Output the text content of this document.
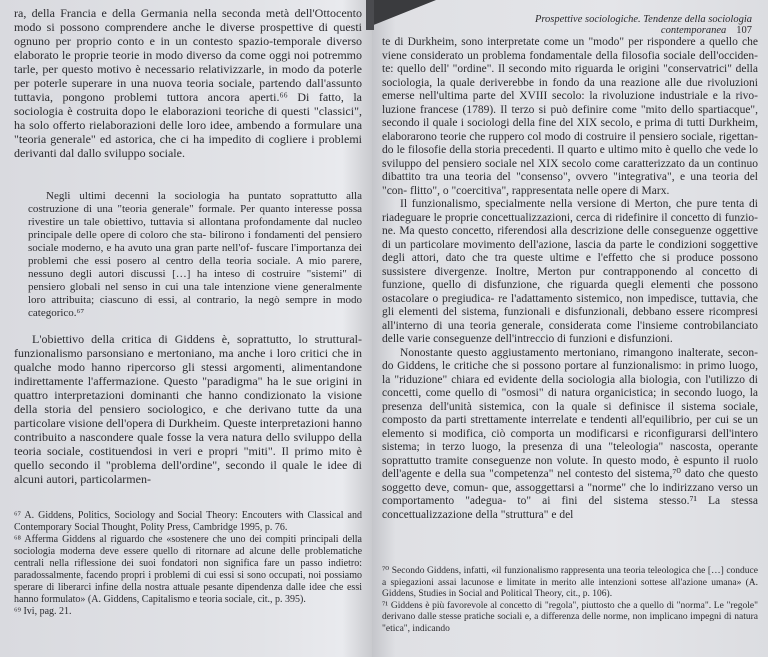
ra, della Francia e della Germania nella seconda metà dell'Ottocento modo si possono comprendere anche le diverse prospettive di questi ognuno per proprio conto e in un contesto spazio-temporale diverso elaborato le proprie teorie in modo diverso da come oggi noi potremmo tarle, per questo motivo è necessario relativizzarle, in modo da poterle per poterle superare in una nuova teoria sociale, partendo dall'assunto tuttavia, pongono problemi tuttora ancora aperti.⁶⁶ Di fatto, la sociologia è costruita dopo le elaborazioni teoriche di questi "classici", ha solo offerto rielaborazioni delle loro idee, ambendo a formulare una "teoria generale" ed astorica, che ci ha impedito di cogliere i problemi derivanti dal dallo sviluppo sociale.
Negli ultimi decenni la sociologia ha puntato soprattutto alla costruzione di una "teoria generale" formale. Per quanto interesse possa rivestire un tale obiettivo, tuttavia si allontana profondamente dal nucleo principale delle opere di coloro che sta- bilirono i fondamenti del pensiero sociale moderno, e ha avuto una gran parte nell'of- fuscare l'importanza dei problemi che essi posero al centro della teoria sociale. A mio parere, nessuno degli autori discussi […] ha inteso di costruire "sistemi" di pensiero globali nel senso in cui una tale intenzione viene generalmente loro attribuita; ciascuno di essi, al contrario, la negò sempre in modo categorico.⁶⁷
L'obiettivo della critica di Giddens è, soprattutto, lo struttural-funzionalismo parsonsiano e mertoniano, ma anche i loro critici che in qualche modo hanno ripercorso gli stessi argomenti, alimentandone indirettamente l'affermazione. Questo "paradigma" ha le sue origini in quattro interpretazioni dominanti che hanno condizionato la visione della storia del pensiero sociologico, e che derivano tutte da una particolare visione dell'opera di Durkheim. Queste interpretazioni hanno contribuito a nascondere quale fosse la vera natura dello sviluppo della teoria sociale, costituendosi in veri e propri "miti". Il primo mito è quello secondo il "problema dell'ordine", secondo il quale le idee di alcuni autori, particolarmen-
⁶⁷ A. Giddens, Politics, Sociology and Social Theory: Encouters with Classical and Contemporary Social Thought, Polity Press, Cambridge 1995, p. 76.
⁶⁸ Afferma Giddens al riguardo che «sostenere che uno dei compiti principali della sociologia moderna deve essere quello di ritornare ad alcune delle problematiche centrali nella riflessione dei suoi fondatori non significa fare un passo indietro: paradossalmente, facendo propri i problemi di cui essi si sono occupati, noi possiamo sperare di liberarci infine della nostra attuale pesante dipendenza dalle idee che essi hanno formulato» (A. Giddens, Capitalismo e teoria sociale, cit., p. 395).
⁶⁹ Ivi, pag. 21.
Prospettive sociologiche. Tendenze della sociologia contemporanea 107
te di Durkheim, sono interpretate come un "modo" per rispondere a quello che viene considerato un problema fondamentale della filosofia sociale dell'occiden- te: quello dell' "ordine". Il secondo mito riguarda le origini "conservatrici" della sociologia, la quale deriverebbe in fondo da una reazione alle due rivoluzioni emerse nell'ultima parte del XVIII secolo: la rivoluzione industriale e la rivo- luzione francese (1789). Il terzo si può definire come "mito dello spartiacque", secondo il quale i sociologi della fine del XIX secolo, e prima di tutti Durkheim, elaborarono teorie che ruppero col modo di costruire il pensiero sociale, rigettan- do le filosofie della storia precedenti. Il quarto e ultimo mito è quello che vede lo sviluppo del pensiero sociale nel XIX secolo come caratterizzato da un continuo dibattito tra una teoria del "consenso", ovvero "integrativa", e una teoria del "con- flitto", o "coercitiva", rappresentata nelle opere di Marx.
Il funzionalismo, specialmente nella versione di Merton, che pure tenta di riadeguare le proprie concettualizzazioni, cerca di ridefinire il concetto di funzio- ne. Ma questo concetto, riferendosi alla descrizione delle conseguenze oggettive di un particolare movimento dell'azione, lascia da parte le condizioni soggettive degli attori, dato che tra queste ultime e l'effetto che si produce possono sussistere divergenze. Inoltre, Merton pur contrapponendo al concetto di funzione, quello di disfunzione, che riguarda quegli elementi che possono ostacolare o pregiudica- re l'adattamento sistemico, non impedisce, tuttavia, che gli elementi del sistema, funzionali e disfunzionali, debbano essere ricompresi all'interno di una teoria generale, considerata come l'insieme controbilanciato delle varie conseguenze dell'intreccio di funzioni e disfunzioni.
Nonostante questo aggiustamento mertoniano, rimangono inalterate, secon- do Giddens, le critiche che si possono portare al funzionalismo: in primo luogo, la "riduzione" chiara ed evidente della sociologia alla biologia, con l'utilizzo di concetti, come quello di "osmosi" di natura organicistica; in secondo luogo, la presenza dell'unità sistemica, con la quale si definisce il sistema sociale, composto da parti strettamente interrelate e tendenti all'equilibrio, per cui se un elemento si modifica, ciò comporta un modificarsi e riconfigurarsi dell'intero sistema; in terzo luogo, la presenza di una "teleologia" nascosta, operante soprattutto tramite conseguenze non volute. In questo modo, è espunto il ruolo dell'agente e della sua "competenza" nel contesto del sistema,⁷⁰ dato che questo soggetto deve, comun- que, assoggettarsi a "norme" che lo indirizzano verso un comportamento "adegua- to" ai fini del sistema stesso.⁷¹ La stessa concettualizzazione della "struttura" e del
⁷⁰ Secondo Giddens, infatti, «il funzionalismo rappresenta una teoria teleologica che […] conduce a spiegazioni assai lacunose e limitate in merito alle intenzioni sottese all'azione umana» (A. Giddens, Studies in Social and Political Theory, cit., p. 106).
⁷¹ Giddens è più favorevole al concetto di "regola", piuttosto che a quello di "norma". Le "regole" derivano dalle stesse pratiche sociali e, a differenza delle norme, non implicano impegni di natura "etica", indicando
